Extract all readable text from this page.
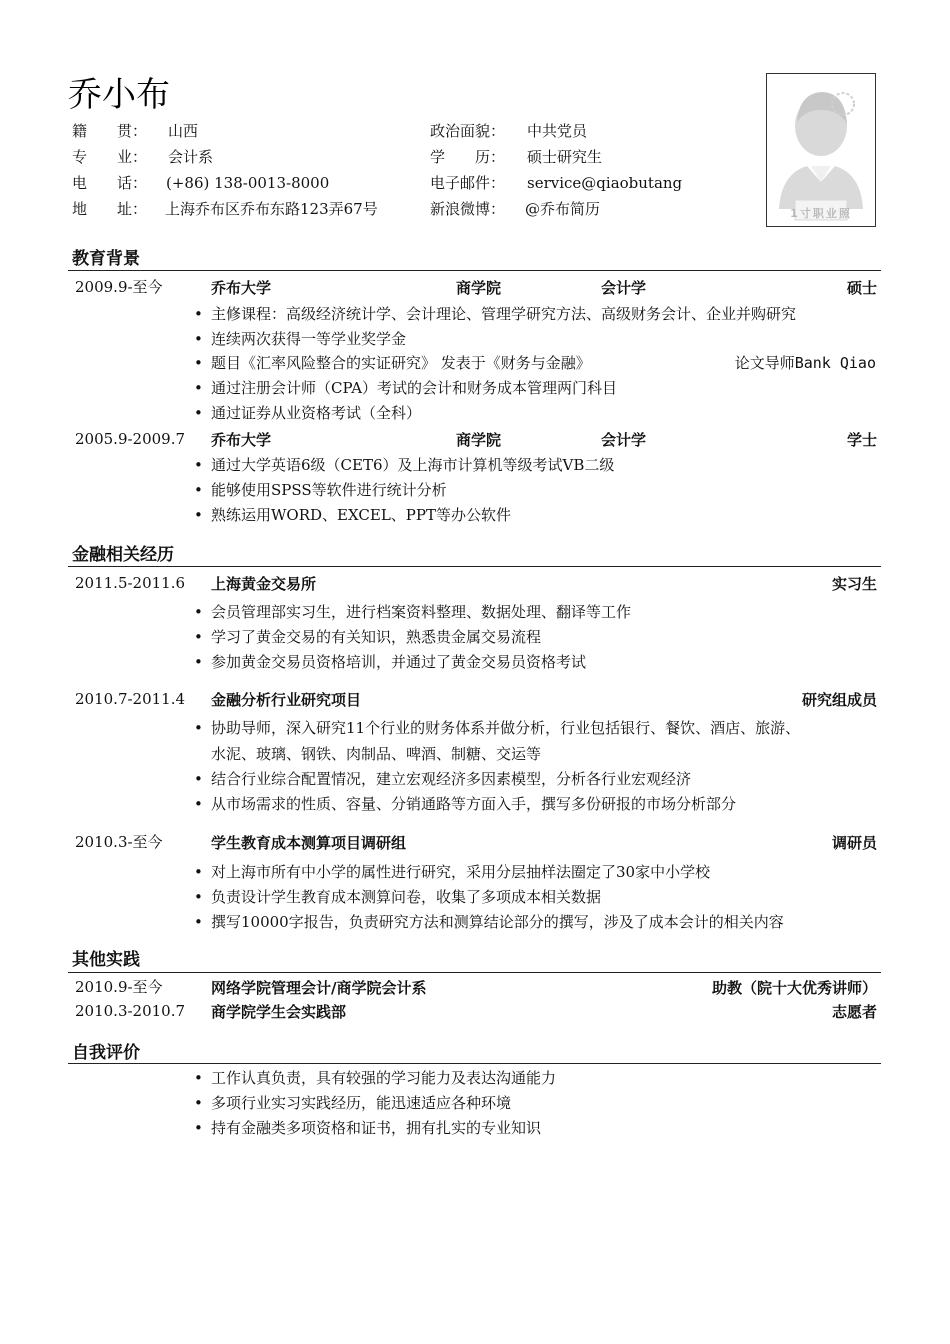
乔小布
籍　　贯： 山西	政治面貌： 中共党员
专　　业： 会计系	学　　历： 硕士研究生
电　　话： (+86) 138-0013-8000	电子邮件： service@qiaobutang
地　　址： 上海乔布区乔布东路123弄67号	新浪微博： @乔布简历	1寸职业照
教育背景
2009.9-至今	乔布大学	商学院	会计学	硕士
主修课程：高级经济统计学、会计理论、管理学研究方法、高级财务会计、企业并购研究
连续两次获得一等学业奖学金
题目《汇率风险整合的实证研究》 发表于《财务与金融》	论文导师Bank Qiao
通过注册会计师（CPA）考试的会计和财务成本管理两门科目
通过证券从业资格考试（全科）
2005.9-2009.7 乔布大学	商学院	会计学	学士
通过大学英语6级（CET6）及上海市计算机等级考试VB二级
能够使用SPSS等软件进行统计分析
熟练运用WORD、EXCEL、PPT等办公软件
金融相关经历
2011.5-2011.6 上海黄金交易所	实习生
会员管理部实习生，进行档案资料整理、数据处理、翻译等工作
学习了黄金交易的有关知识，熟悉贵金属交易流程
参加黄金交易员资格培训，并通过了黄金交易员资格考试
2010.7-2011.4 金融分析行业研究项目	研究组成员
协助导师，深入研究11个行业的财务体系并做分析，行业包括银行、餐饮、酒店、旅游、
水泥、玻璃、钢铁、肉制品、啤酒、制糖、交运等
结合行业综合配置情况，建立宏观经济多因素模型，分析各行业宏观经济
从市场需求的性质、容量、分销通路等方面入手，撰写多份研报的市场分析部分
2010.3-至今	学生教育成本测算项目调研组	调研员
对上海市所有中小学的属性进行研究，采用分层抽样法圈定了30家中小学校
负责设计学生教育成本测算问卷，收集了多项成本相关数据
撰写10000字报告，负责研究方法和测算结论部分的撰写，涉及了成本会计的相关内容
其他实践
2010.9-至今	网络学院管理会计/商学院会计系	助教（院十大优秀讲师）
2010.3-2010.7 商学院学生会实践部	志愿者
自我评价
工作认真负责，具有较强的学习能力及表达沟通能力
多项行业实习实践经历，能迅速适应各种环境
持有金融类多项资格和证书，拥有扎实的专业知识
